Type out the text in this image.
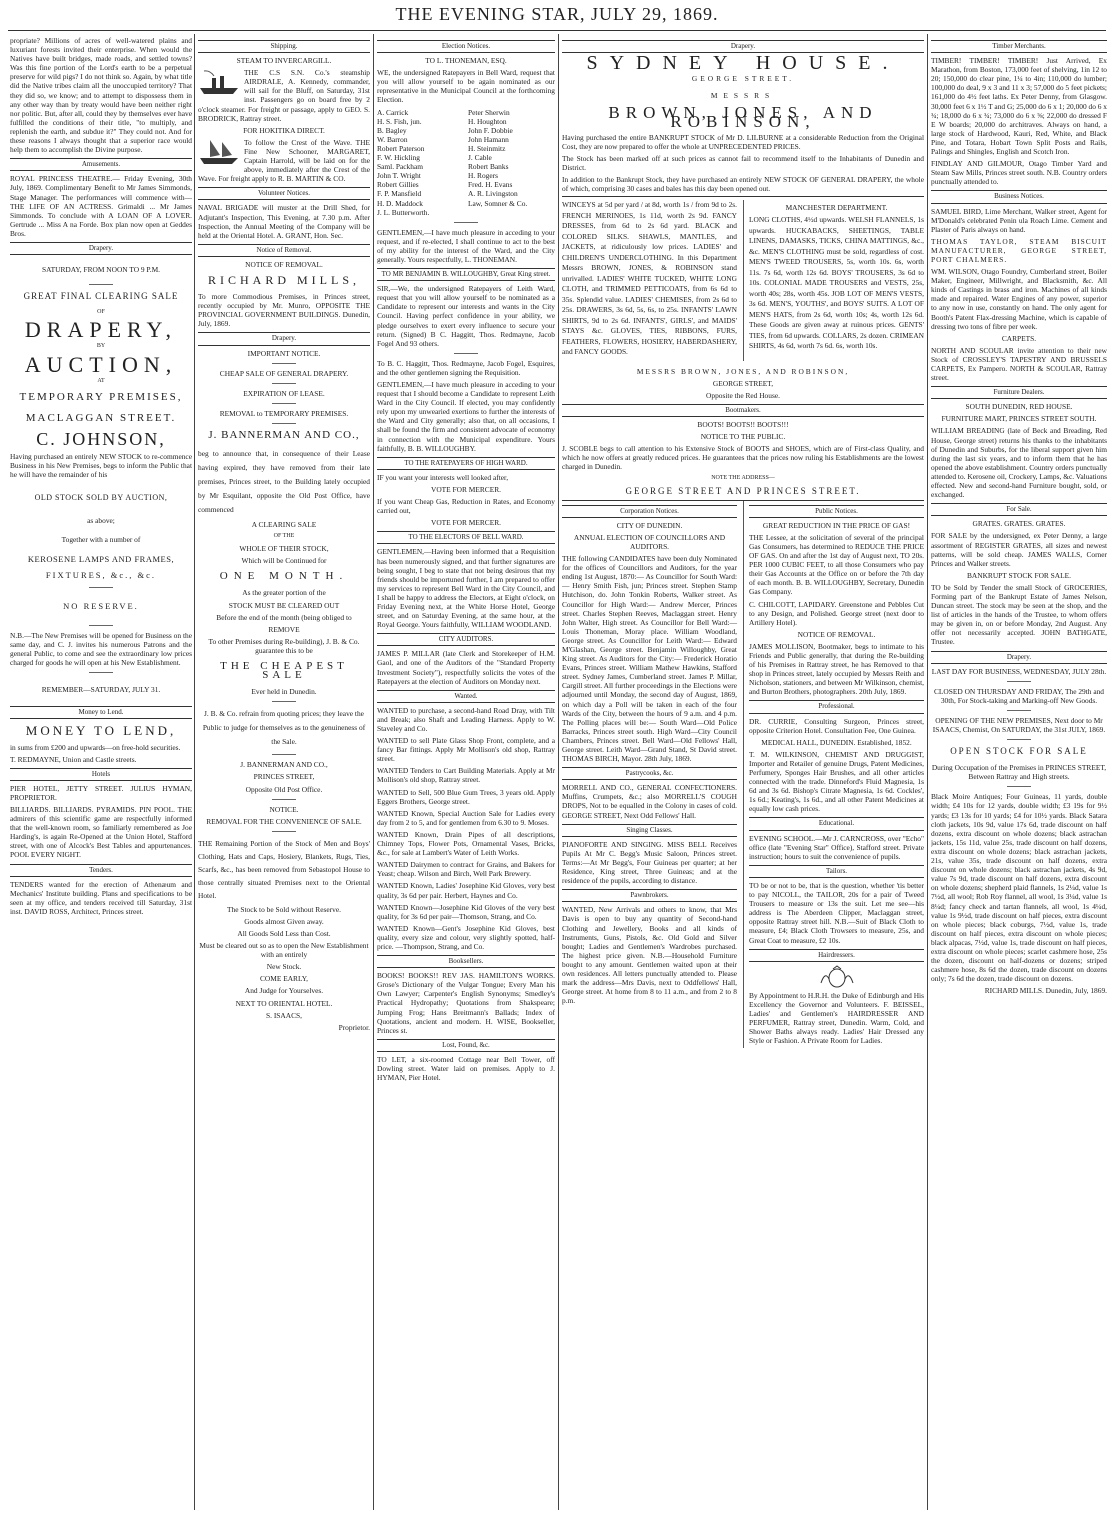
THE EVENING STAR, JULY 29, 1869.
propriate? Millions of acres of well-watered plains and luxuriant forests invited their enterprise. When would the Natives have built bridges, made roads, and settled towns? Was this fine portion of the Lord's earth to be a perpetual preserve for wild pigs? I do not think so. Again, by what title did the Native tribes claim all the unoccupied territory? That they did so, we know; and to attempt to dispossess them in any other way than by treaty would have been neither right nor politic. But, after all, could they by themselves ever have fulfilled the conditions of their title, "to multiply, and replenish the earth, and subdue it?" They could not. And for these reasons I always thought that a superior race would help them to accomplish the Divine purpose.
Amusements.
ROYAL PRINCESS THEATRE.— Friday Evening, 30th July, 1869. Complimentary Benefit to Mr James Simmonds, Stage Manager. The performances will commence with— THE LIFE OF AN ACTRESS. Grimaldi ... Mr James Simmonds. To conclude with A LOAN OF A LOVER. Gertrude ... Miss A na Forde. Box plan now open at Geddes Bros.
Drapery.
SATURDAY, FROM NOON TO 9 P.M.
GREAT FINAL CLEARING SALE
OF
DRAPERY,
BY
AUCTION,
AT
TEMPORARY PREMISES,
MACLAGGAN STREET.
C. JOHNSON,
Having purchased an entirely NEW STOCK to re-commence Business in his New Premises, begs to inform the Public that he will have the remainder of his
OLD STOCK SOLD BY AUCTION,
as above;
Together with a number of
KEROSENE LAMPS AND FRAMES,
FIXTURES, &c., &c.
NO RESERVE.
N.B.—The New Premises will be opened for Business on the same day, and C. J. invites his numerous Patrons and the general Public, to come and see the extraordinary low prices charged for goods he will open at his New Establishment.
REMEMBER—SATURDAY, JULY 31.
Money to Lend.
MONEY TO LEND,
in sums from £200 and upwards—on free-hold securities.
T. REDMAYNE, Union and Castle streets.
Hotels
PIER HOTEL, JETTY STREET. JULIUS HYMAN, PROPRIETOR.
BILLIARDS. BILLIARDS. PYRAMIDS. PIN POOL. THE admirers of this scientific game are respectfully informed that the well-known room, so familiarly remembered as Joe Harding's, is again Re-Opened at the Union Hotel, Stafford street, with one of Alcock's Best Tables and appurtenances. POOL EVERY NIGHT.
Tenders.
TENDERS wanted for the erection of Athenæum and Mechanics' Institute building. Plans and specifications to be seen at my office, and tenders received till Saturday, 31st inst. DAVID ROSS, Architect, Princes street.
Shipping.
STEAM TO INVERCARGILL.
THE C.S S.N. Co.'s steamship AIRDRALE, A. Kennedy, commander, will sail for the Bluff, on Saturday, 31st inst. Passengers go on board free by 2 o'clock steamer. For freight or passage, apply to GEO. S. BRODRICK, Rattray street.
FOR HOKITIKA DIRECT.
To follow the Crest of the Wave. THE Fine New Schooner, MARGARET, Captain Harrold, will be laid on for the above, immediately after the Crest of the Wave. For freight apply to R. B. MARTIN & CO.
Volunteer Notices.
NAVAL BRIGADE will muster at the Drill Shed, for Adjutant's Inspection, This Evening, at 7.30 p.m. After Inspection, the Annual Meeting of the Company will be held at the Oriental Hotel. A. GRANT, Hon. Sec.
Notice of Removal.
NOTICE OF REMOVAL.
RICHARD MILLS,
To more Commodious Premises, in Princes street, recently occupied by Mr. Munro, OPPOSITE THE PROVINCIAL GOVERNMENT BUILDINGS. Dunedin, July, 1869.
Drapery.
IMPORTANT NOTICE.
CHEAP SALE OF GENERAL DRAPERY.
EXPIRATION OF LEASE.
REMOVAL to TEMPORARY PREMISES.
J. BANNERMAN AND CO.,
beg to announce that, in consequence of their Lease having expired, they have removed from their late premises, Princes street, to the Building lately occupied by Mr Esquilant, opposite the Old Post Office, have commenced
A CLEARING SALE
OF THE
WHOLE OF THEIR STOCK,
Which will be Continued for
ONE MONTH.
As the greater portion of the
STOCK MUST BE CLEARED OUT
Before the end of the month (being obliged to
REMOVE
To other Premises during Re-building), J. B. & Co. guarantee this to be
THE CHEAPEST SALE
Ever held in Dunedin.
J. B. & Co. refrain from quoting prices; they leave the Public to judge for themselves as to the genuineness of the Sale.
J. BANNERMAN AND CO.,
PRINCES STREET,
Opposite Old Post Office.
NOTICE.
REMOVAL FOR THE CONVENIENCE OF SALE.
THE Remaining Portion of the Stock of Men and Boys' Clothing, Hats and Caps, Hosiery, Blankets, Rugs, Ties, Scarfs, &c., has been removed from Sebastopol House to those centrally situated Premises next to the Oriental Hotel.
The Stock to be Sold without Reserve.
Goods almost Given away.
All Goods Sold Less than Cost.
Must be cleared out so as to open the New Establishment with an entirely
New Stock.
COME EARLY,
And Judge for Yourselves.
NEXT TO ORIENTAL HOTEL.
S. ISAACS,
Proprietor.
Election Notices.
TO L. THONEMAN, ESQ.
WE, the undersigned Ratepayers in Bell Ward, request that you will allow yourself to be again nominated as our representative in the Municipal Council at the forthcoming Election.
A. Carrick
H. S. Fish, jun.
B. Bagley
W. Barron
Robert Paterson
F. W. Hickling
Saml. Packham
John T. Wright
Robert Gillies
F. P. Mansfield
H. D. Maddock
J. L. Butterworth.
Peter Sherwin
H. Houghton
John F. Dobbie
John Hamann
H. Steinmitz
J. Cable
Robert Banks
H. Rogers
Fred. H. Evans
A. R. Livingston
Law, Somner & Co.
GENTLEMEN,—I have much pleasure in acceding to your request, and if re-elected, I shall continue to act to the best of my ability for the interest of the Ward, and the City generally. Yours respectfully, L. THONEMAN.
TO MR BENJAMIN B. WILLOUGHBY, Great King street.
SIR,—We, the undersigned Ratepayers of Leith Ward, request that you will allow yourself to be nominated as a Candidate to represent our interests and wants in the City Council. Having perfect confidence in your ability, we pledge ourselves to exert every influence to secure your return. (Signed) B C. Haggitt, Thos. Redmayne, Jacob Fogel And 93 others.
To B. C. Haggitt, Thos. Redmayne, Jacob Fogel, Esquires, and the other gentlemen signing the Requisition.
GENTLEMEN,—I have much pleasure in acceding to your request that I should become a Candidate to represent Leith Ward in the City Council. If elected, you may confidently rely upon my unwearied exertions to further the interests of the Ward and City generally; also that, on all occasions, I shall be found the firm and consistent advocate of economy in connection with the Municipal expenditure. Yours faithfully, B. B. WILLOUGHBY.
TO THE RATEPAYERS OF HIGH WARD.
IF you want your interests well looked after,
VOTE FOR MERCER.
If you want Cheap Gas, Reduction in Rates, and Economy carried out,
VOTE FOR MERCER.
TO THE ELECTORS OF BELL WARD.
GENTLEMEN,—Having been informed that a Requisition has been numerously signed, and that further signatures are being sought, I beg to state that not being desirous that my friends should be importuned further, I am prepared to offer my services to represent Bell Ward in the City Council, and I shall be happy to address the Electors, at Eight o'clock, on Friday Evening next, at the White Horse Hotel, George street, and on Saturday Evening, at the same hour, at the Royal George. Yours faithfully, WILLIAM WOODLAND.
CITY AUDITORS.
JAMES P. MILLAR (late Clerk and Storekeeper of H.M. Gaol, and one of the Auditors of the "Standard Property Investment Society"), respectfully solicits the votes of the Ratepayers at the election of Auditors on Monday next.
Wanted.
WANTED to purchase, a second-hand Road Dray, with Tilt and Break; also Shaft and Leading Harness. Apply to W. Staveley and Co.
WANTED to sell Plate Glass Shop Front, complete, and a fancy Bar fittings. Apply Mr Mollison's old shop, Rattray street.
WANTED Tenders to Cart Building Materials. Apply at Mr Mollison's old shop, Rattray street.
WANTED to Sell, 500 Blue Gum Trees, 3 years old. Apply Eggers Brothers, George street.
WANTED Known, Special Auction Sale for Ladies every day from 2 to 5, and for gentlemen from 6.30 to 9. Moses.
WANTED Known, Drain Pipes of all descriptions, Chimney Tops, Flower Pots, Ornamental Vases, Bricks, &c., for sale at Lambert's Water of Leith Works.
WANTED Dairymen to contract for Grains, and Bakers for Yeast; cheap. Wilson and Birch, Well Park Brewery.
WANTED Known, Ladies' Josephine Kid Gloves, very best quality, 3s 6d per pair. Herbert, Haynes and Co.
WANTED Known—Josephine Kid Gloves of the very best quality, for 3s 6d per pair—Thomson, Strang, and Co.
WANTED Known—Gent's Josephine Kid Gloves, best quality, every size and colour, very slightly spotted, half-price. —Thompson, Strang, and Co.
Booksellers.
BOOKS! BOOKS!! REV JAS. HAMILTON'S WORKS. Grose's Dictionary of the Vulgar Tongue; Every Man his Own Lawyer; Carpenter's English Synonyms; Smedley's Practical Hydropathy; Quotations from Shakspeare; Jumping Frog; Hans Breitmann's Ballads; Index of Quotations, ancient and modern. H. WISE, Bookseller, Princes st.
Lost, Found, &c.
TO LET, a six-roomed Cottage near Bell Tower, off Dowling street. Water laid on premises. Apply to J. HYMAN, Pier Hotel.
Drapery.
SYDNEY HOUSE.
GEORGE STREET.
MESSRS
BROWN, JONES, AND ROBINSON,
Having purchased the entire BANKRUPT STOCK of Mr D. LILBURNE at a considerable Reduction from the Original Cost, they are now prepared to offer the whole at UNPRECEDENTED PRICES.
The Stock has been marked off at such prices as cannot fail to recommend itself to the Inhabitants of Dunedin and District.
In addition to the Bankrupt Stock, they have purchased an entirely NEW STOCK OF GENERAL DRAPERY, the whole of which, comprising 30 cases and bales has this day been opened out.
WINCEYS at 5d per yard / at 8d, worth 1s / from 9d to 2s. FRENCH MERINOES, 1s 11d, worth 2s 9d. FANCY DRESSES, from 6d to 2s 6d yard. BLACK and COLORED SILKS. SHAWLS, MANTLES, and JACKETS, at ridiculously low prices. LADIES' and CHILDREN'S UNDERCLOTHING. In this Department Messrs BROWN, JONES, & ROBINSON stand unrivalled. LADIES' WHITE TUCKED, WHITE LONG CLOTH, and TRIMMED PETTICOATS, from 6s 6d to 35s. Splendid value. LADIES' CHEMISES, from 2s 6d to 25s. DRAWERS, 3s 6d, 5s, 6s, to 25s. INFANTS' LAWN SHIRTS, 9d to 2s 6d. INFANTS', GIRLS', and MAIDS' STAYS &c. GLOVES, TIES, RIBBONS, FURS, FEATHERS, FLOWERS, HOSIERY, HABERDASHERY, and FANCY GOODS.
MANCHESTER DEPARTMENT.
LONG CLOTHS, 4½d upwards. WELSH FLANNELS, 1s upwards. HUCKABACKS, SHEETINGS, TABLE LINENS, DAMASKS, TICKS, CHINA MATTINGS, &c., &c. MEN'S CLOTHING must be sold, regardless of cost. MEN'S TWEED TROUSERS, 5s, worth 10s. 6s, worth 11s. 7s 6d, worth 12s 6d. BOYS' TROUSERS, 3s 6d to 10s. COLONIAL MADE TROUSERS and VESTS, 25s, worth 40s; 28s, worth 45s. JOB LOT OF MEN'S VESTS, 3s 6d. MEN'S, YOUTHS', and BOYS' SUITS. A LOT OF MEN'S HATS, from 2s 6d, worth 10s; 4s, worth 12s 6d. These Goods are given away at ruinous prices. GENTS' TIES, from 6d upwards. COLLARS, 2s dozen. CRIMEAN SHIRTS, 4s 6d, worth 7s 6d. 6s, worth 10s.
MESSRS BROWN, JONES, AND ROBINSON,
GEORGE STREET,
Opposite the Red House.
Bootmakers.
BOOTS! BOOTS!! BOOTS!!!
NOTICE TO THE PUBLIC.
J. SCOBLE begs to call attention to his Extensive Stock of BOOTS and SHOES, which are of First-class Quality, and which he now offers at greatly reduced prices. He guarantees that the prices now ruling his Establishments are the lowest charged in Dunedin.
NOTE THE ADDRESS—
GEORGE STREET AND PRINCES STREET.
Corporation Notices.
CITY OF DUNEDIN.
ANNUAL ELECTION OF COUNCILLORS AND AUDITORS.
THE following CANDIDATES have been duly Nominated for the offices of Councillors and Auditors, for the year ending 1st August, 1870:— As Councillor for South Ward:— Henry Smith Fish, jun; Princes street. Stephen Stamp Hutchison, do. John Tonkin Roberts, Walker street. As Councillor for High Ward:— Andrew Mercer, Princes street. Charles Stephen Reeves, Maclaggan street. Henry John Walter, High street. As Councillor for Bell Ward:— Louis Thoneman, Moray place. William Woodland, George street. As Councillor for Leith Ward:— Edward M'Glashan, George street. Benjamin Willoughby, Great King street. As Auditors for the City:— Frederick Horatio Evans, Princes street. William Mathew Hawkins, Stafford street. Sydney James, Cumberland street. James P. Millar, Cargill street. All further proceedings in the Elections were adjourned until Monday, the second day of August, 1869, on which day a Poll will be taken in each of the four Wards of the City, between the hours of 9 a.m. and 4 p.m. The Polling places will be:— South Ward—Old Police Barracks, Princes street south. High Ward—City Council Chambers, Princes street. Bell Ward—Old Fellows' Hall, George street. Leith Ward—Grand Stand, St David street. THOMAS BIRCH, Mayor. 28th July, 1869.
Pastrycooks, &c.
MORRELL AND CO., GENERAL CONFECTIONERS. Muffins, Crumpets, &c.; also MORRELL'S COUGH DROPS, Not to be equalled in the Colony in cases of cold. GEORGE STREET, Next Odd Fellows' Hall.
Singing Classes.
PIANOFORTE AND SINGING. MISS BELL Receives Pupils At Mr C. Begg's Music Saloon, Princes street. Terms:—At Mr Begg's, Four Guineas per quarter; at her Residence, King street, Three Guineas; and at the residence of the pupils, according to distance.
Pawnbrokers.
WANTED, New Arrivals and others to know, that Mrs Davis is open to buy any quantity of Second-hand Clothing and Jewellery, Books and all kinds of Instruments, Guns, Pistols, &c. Old Gold and Silver bought; Ladies and Gentlemen's Wardrobes purchased. The highest price given. N.B.—Household Furniture bought to any amount. Gentlemen waited upon at their own residences. All letters punctually attended to. Please mark the address—Mrs Davis, next to Oddfellows' Hall, George street. At home from 8 to 11 a.m., and from 2 to 8 p.m.
Public Notices.
GREAT REDUCTION IN THE PRICE OF GAS!
THE Lessee, at the solicitation of several of the principal Gas Consumers, has determined to REDUCE THE PRICE OF GAS. On and after the 1st day of August next, TO 20s. PER 1000 CUBIC FEET, to all those Consumers who pay their Gas Accounts at the Office on or before the 7th day of each month. B. B. WILLOUGHBY, Secretary, Dunedin Gas Company.
C. CHILCOTT, LAPIDARY. Greenstone and Pebbles Cut to any Design, and Polished. George street (next door to Artillery Hotel).
NOTICE OF REMOVAL.
JAMES MOLLISON, Bootmaker, begs to intimate to his Friends and Public generally, that during the Re-building of his Premises in Rattray street, he has Removed to that shop in Princes street, lately occupied by Messrs Reith and Nicholson, stationers, and between Mr Wilkinson, chemist, and Burton Brothers, photographers. 20th July, 1869.
Professional.
DR. CURRIE, Consulting Surgeon, Princes street, opposite Criterion Hotel. Consultation Fee, One Guinea.
MEDICAL HALL, DUNEDIN. Established, 1852.
T. M. WILKINSON, CHEMIST AND DRUGGIST, Importer and Retailer of genuine Drugs, Patent Medicines, Perfumery, Sponges Hair Brushes, and all other articles connected with the trade. Dinneford's Fluid Magnesia, 1s 6d and 3s 6d. Bishop's Citrate Magnesia, 1s 6d. Cockles', 1s 6d.; Keating's, 1s 6d., and all other Patent Medicines at equally low cash prices.
Educational.
EVENING SCHOOL.—Mr J. CARNCROSS, over "Echo" office (late "Evening Star" Office), Stafford street. Private instruction; hours to suit the convenience of pupils.
Tailors.
TO be or not to be, that is the question, whether 'tis better to pay NICOLL, the TAILOR, 20s for a pair of Tweed Trousers to measure or 13s the suit. Let me see—his address is The Aberdeen Clipper, Maclaggan street, opposite Rattray street hill. N.B.—Suit of Black Cloth to measure, £4; Black Cloth Trowsers to measure, 25s, and Great Coat to measure, £2 10s.
Hairdressers.
By Appointment to H.R.H. the Duke of Edinburgh and His Excellency the Governor and Volunteers. F. BEISSEL, Ladies' and Gentlemen's HAIRDRESSER AND PERFUMER, Rattray street, Dunedin. Warm, Cold, and Shower Baths always ready. Ladies' Hair Dressed any Style or Fashion. A Private Room for Ladies.
Timber Merchants.
TIMBER! TIMBER! TIMBER! Just Arrived, Ex Marathon, from Boston, 173,000 feet of shelving, 1in 12 to 20; 150,000 do clear pine, 1¼ to 4in; 110,000 do lumber; 100,000 do deal, 9 x 3 and 11 x 3; 57,000 do 5 feet pickets; 161,000 do 4½ feet laths. Ex Peter Denny, from Glasgow. 30,000 feet 6 x 1½ T and G; 25,000 do 6 x 1; 20,000 do 6 x ¾; 18,000 do 6 x ¾; 73,000 do 6 x ⅝; 22,000 do dressed F E W boards; 20,000 do architraves. Always on hand, a large stock of Hardwood, Kauri, Red, White, and Black Pine, and Totara, Hobart Town Split Posts and Rails, Palings and Shingles, English and Scotch Iron.
FINDLAY AND GILMOUR, Otago Timber Yard and Steam Saw Mills, Princes street south. N.B. Country orders punctually attended to.
Business Notices.
SAMUEL BIRD, Lime Merchant, Walker street, Agent for M'Donald's celebrated Penin ula Roach Lime. Cement and Plaster of Paris always on hand.
THOMAS TAYLOR, STEAM BISCUIT MANUFACTURER, GEORGE STREET, PORT CHALMERS.
WM. WILSON, Otago Foundry, Cumberland street, Boiler Maker, Engineer, Millwright, and Blacksmith, &c. All kinds of Castings in brass and iron. Machines of all kinds made and repaired. Water Engines of any power, superior to any now in use, constantly on hand. The only agent for Booth's Patent Flax-dressing Machine, which is capable of dressing two tons of fibre per week.
CARPETS.
NORTH AND SCOULAR invite attention to their new Stock of CROSSLEY'S TAPESTRY AND BRUSSELS CARPETS, Ex Pampero. NORTH & SCOULAR, Rattray street.
Furniture Dealers.
SOUTH DUNEDIN, RED HOUSE.
FURNITURE MART, PRINCES STREET SOUTH.
WILLIAM BREADING (late of Beck and Breading, Red House, George street) returns his thanks to the inhabitants of Dunedin and Suburbs, for the liberal support given him during the last six years, and to inform them that he has opened the above establishment. Country orders punctually attended to. Kerosene oil, Crockery, Lamps, &c. Valuations effected. New and second-hand Furniture bought, sold, or exchanged.
For Sale.
GRATES. GRATES. GRATES.
FOR SALE by the undersigned, ex Peter Denny, a large assortment of REGISTER GRATES, all sizes and newest patterns, will be sold cheap. JAMES WALLS, Corner Princes and Walker streets.
BANKRUPT STOCK FOR SALE.
TO be Sold by Tender the small Stock of GROCERIES, Forming part of the Bankrupt Estate of James Nelson, Duncan street. The stock may be seen at the shop, and the list of articles in the hands of the Trustee, to whom offers may be given in, on or before Monday, 2nd August. Any offer not necessarily accepted. JOHN BATHGATE, Trustee.
Drapery.
LAST DAY FOR BUSINESS, WEDNESDAY, JULY 28th.
CLOSED ON THURSDAY AND FRIDAY, The 29th and 30th, For Stock-taking and Marking-off New Goods.
OPENING OF THE NEW PREMISES, Next door to Mr ISAACS, Chemist, On SATURDAY, the 31st JULY, 1869.
OPEN STOCK FOR SALE
During Occupation of the Premises in PRINCES STREET, Between Rattray and High streets.
Black Moire Antiques; Four Guineas, 11 yards, double width; £4 10s for 12 yards, double width; £3 19s for 9½ yards; £3 13s for 10 yards; £4 for 10½ yards. Black Satara cloth jackets, 10s 9d, value 17s 6d, trade discount on half dozens, extra discount on whole dozens; black astrachan jackets, 15s 11d, value 25s, trade discount on half dozens, extra discount on whole dozens; black astrachan jackets, 21s, value 35s, trade discount on half dozens, extra discount on whole dozens; black astrachan jackets, 4s 9d, value 7s 9d, trade discount on half dozens, extra discount on whole dozens; shepherd plaid flannels, 1s 2¼d, value 1s 7½d, all wool; Rob Roy flannel, all wool, 1s 3¼d, value 1s 8¼d; fancy check and tartan flannels, all wool, 1s 4¼d, value 1s 9½d, trade discount on half pieces, extra discount on whole pieces; black coburgs, 7½d, value 1s, trade discount on half pieces, extra discount on whole pieces; black alpacas, 7½d, value 1s, trade discount on half pieces, extra discount on whole pieces; scarlet cashmere hose, 25s the dozen, discount on half-dozens or dozens; striped cashmere hose, 8s 6d the dozen, trade discount on dozens only; 7s 6d the dozen, trade discount on dozens.
RICHARD MILLS. Dunedin, July, 1869.
